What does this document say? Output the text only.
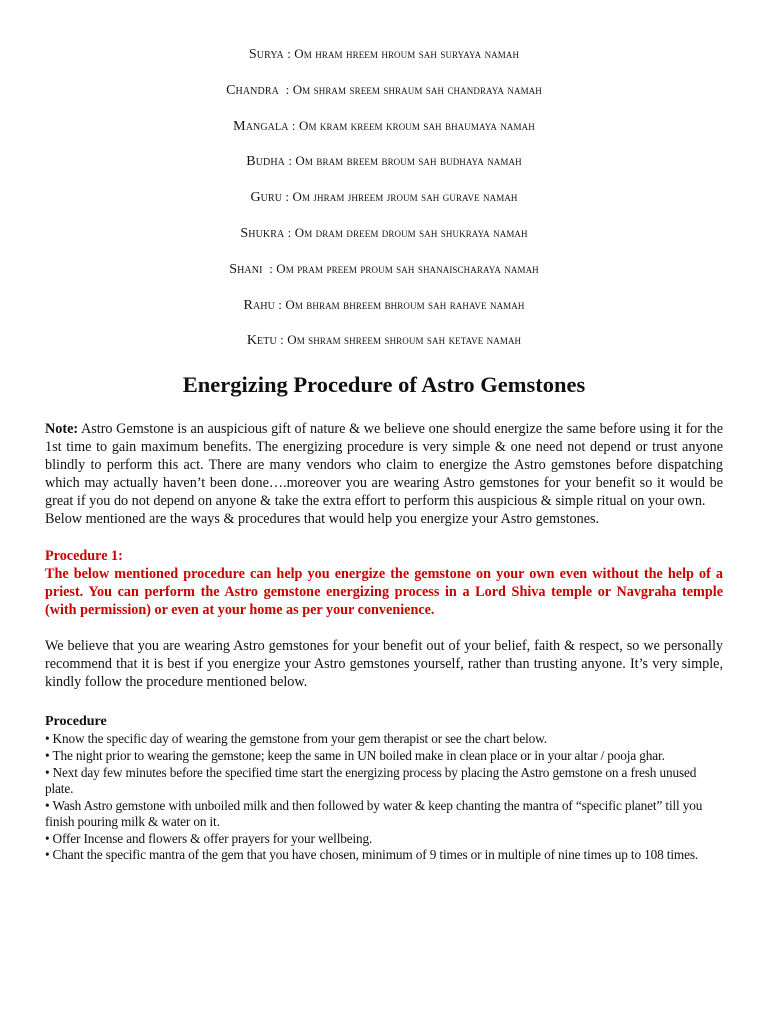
Surya : Om hram hreem hroum sah suryaya namah
Chandra  : Om shram sreem shraum sah chandraya namah
Mangala : Om kram kreem kroum sah bhaumaya namah
Budha : Om bram breem broum sah budhaya namah
Guru : Om jhram jhreem jroum sah gurave namah
Shukra : Om dram dreem droum sah shukraya namah
Shani  : Om pram preem proum sah shanaischaraya namah
Rahu : Om bhram bhreem bhroum sah rahave namah
Ketu : Om shram shreem shroum sah ketave namah
Energizing Procedure of Astro Gemstones

Note: Astro Gemstone is an auspicious gift of nature & we believe one should energize the same before using it for the 1st time to gain maximum benefits. The energizing procedure is very simple & one need not depend or trust anyone blindly to perform this act. There are many vendors who claim to energize the Astro gemstones before dispatching which may actually haven’t been done….moreover you are wearing Astro gemstones for your benefit so it would be great if you do not depend on anyone & take the extra effort to perform this auspicious & simple ritual on your own.

Below mentioned are the ways & procedures that would help you energize your Astro gemstones.

Procedure 1:

The below mentioned procedure can help you energize the gemstone on your own even without the help of a priest. You can perform the Astro gemstone energizing process in a Lord Shiva temple or Navgraha temple (with permission) or even at your home as per your convenience.

We believe that you are wearing Astro gemstones for your benefit out of your belief, faith & respect, so we personally recommend that it is best if you energize your Astro gemstones yourself, rather than trusting anyone. It’s very simple, kindly follow the procedure mentioned below.

Procedure
• Know the specific day of wearing the gemstone from your gem therapist or see the chart below.
• The night prior to wearing the gemstone; keep the same in UN boiled make in clean place or in your altar / pooja ghar.
• Next day few minutes before the specified time start the energizing process by placing the Astro gemstone on a fresh unused plate.
• Wash Astro gemstone with unboiled milk and then followed by water & keep chanting the mantra of “specific planet” till you finish pouring milk & water on it.
• Offer Incense and flowers & offer prayers for your wellbeing.
• Chant the specific mantra of the gem that you have chosen, minimum of 9 times or in multiple of nine times up to 108 times.
